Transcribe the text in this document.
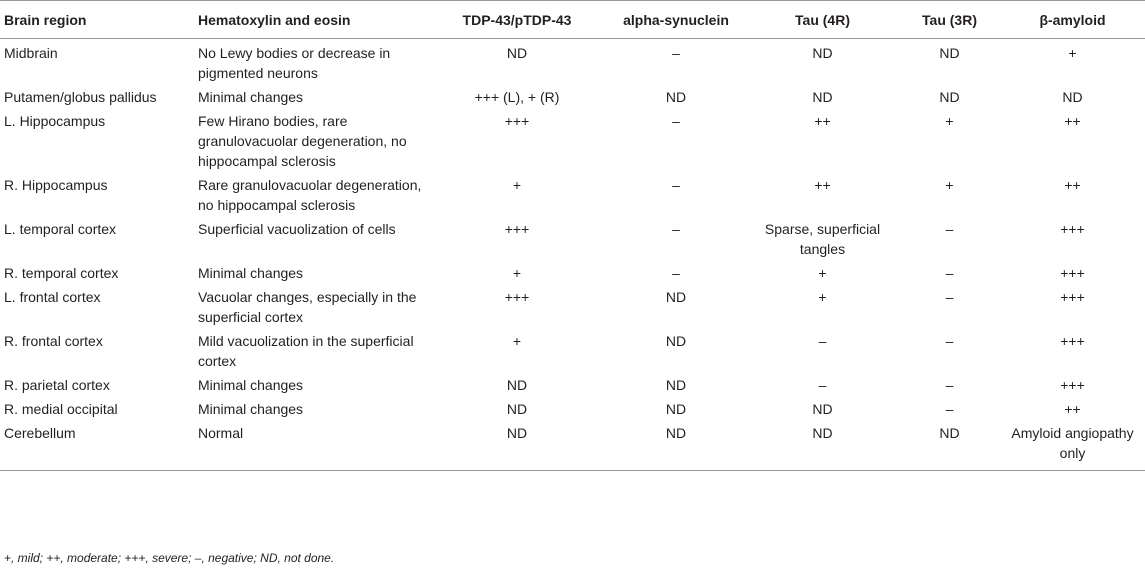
Brain region	Hematoxylin and eosin	TDP-43/pTDP-43	alpha-synuclein	Tau (4R)	Tau (3R)	β-amyloid
Midbrain	No Lewy bodies or decrease in pigmented neurons	ND	–	ND	ND	+
Putamen/globus pallidus	Minimal changes	+++ (L), + (R)	ND	ND	ND	ND
L. Hippocampus	Few Hirano bodies, rare granulovacuolar degeneration, no hippocampal sclerosis	+++	–	++	+	++
R. Hippocampus	Rare granulovacuolar degeneration, no hippocampal sclerosis	+	–	++	+	++
L. temporal cortex	Superficial vacuolization of cells	+++	–	Sparse, superficial tangles	–	+++
R. temporal cortex	Minimal changes	+	–	+	–	+++
L. frontal cortex	Vacuolar changes, especially in the superficial cortex	+++	ND	+	–	+++
R. frontal cortex	Mild vacuolization in the superficial cortex	+	ND	–	–	+++
R. parietal cortex	Minimal changes	ND	ND	–	–	+++
R. medial occipital	Minimal changes	ND	ND	ND	–	++
Cerebellum	Normal	ND	ND	ND	ND	Amyloid angiopathy only
+, mild; ++, moderate; +++, severe; –, negative; ND, not done.
